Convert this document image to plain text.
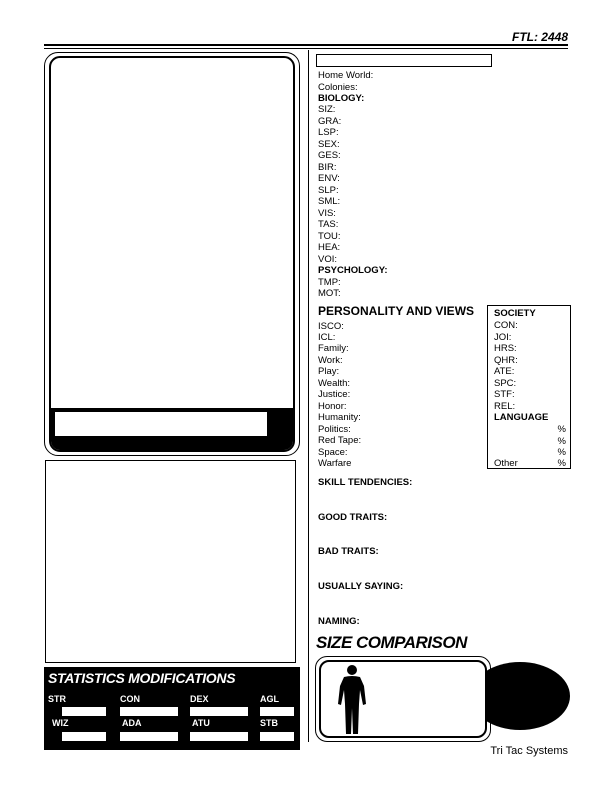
FTL: 2448
STATISTICS MODIFICATIONS
STR	CON	DEX	AGL
WIZ	ADA	ATU	STB
Home World:
Colonies:
BIOLOGY:
SIZ:
GRA:
LSP:
SEX:
GES:
BIR:
ENV:
SLP:
SML:
VIS:
TAS:
TOU:
HEA:
VOI:
PSYCHOLOGY:
TMP:
MOT:
PERSONALITY AND VIEWS
ISCO:
ICL:
Family:
Work:
Play:
Wealth:
Justice:
Honor:
Humanity:
Politics:
Red Tape:
Space:
Warfare
SOCIETY
CON:
JOI:
HRS:
QHR:
ATE:
SPC:
STF:
REL:
LANGUAGE
%
%
%
Other	%
SKILL TENDENCIES:
GOOD TRAITS:
BAD TRAITS:
USUALLY SAYING:
NAMING:
SIZE COMPARISON
Tri Tac Systems
